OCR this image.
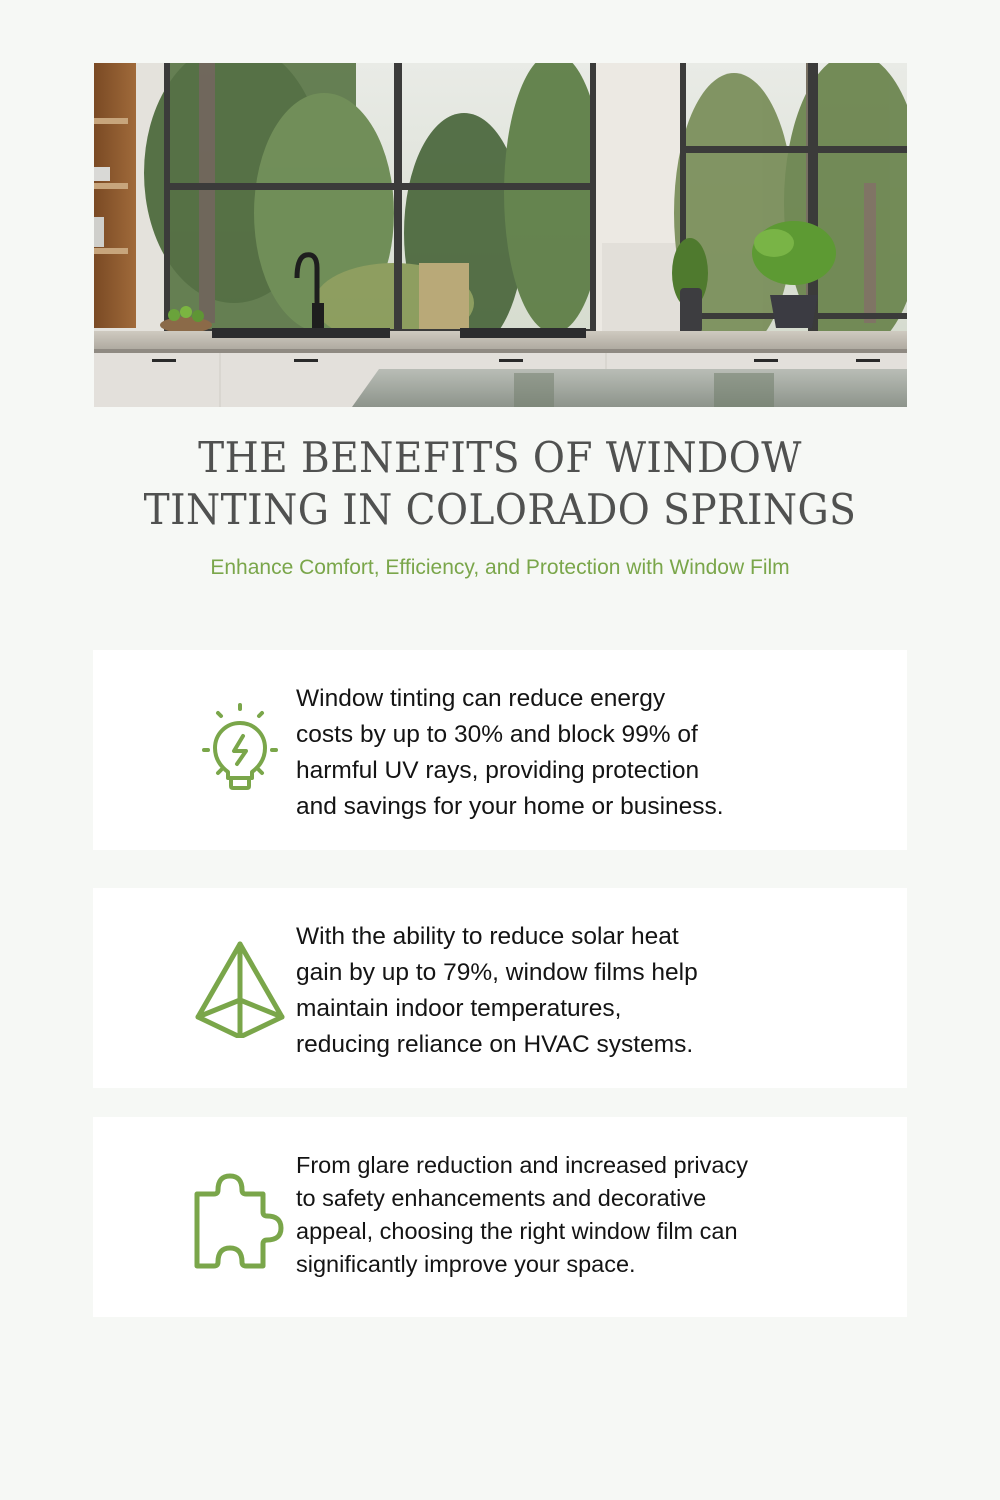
THE BENEFITS OF WINDOW
TINTING IN COLORADO SPRINGS

Enhance Comfort, Efficiency, and Protection with Window Film

Window tinting can reduce energy
costs by up to 30% and block 99% of
harmful UV rays, providing protection
and savings for your home or business.

With the ability to reduce solar heat
gain by up to 79%, window films help
maintain indoor temperatures,
reducing reliance on HVAC systems.

From glare reduction and increased privacy
to safety enhancements and decorative
appeal, choosing the right window film can
significantly improve your space.
